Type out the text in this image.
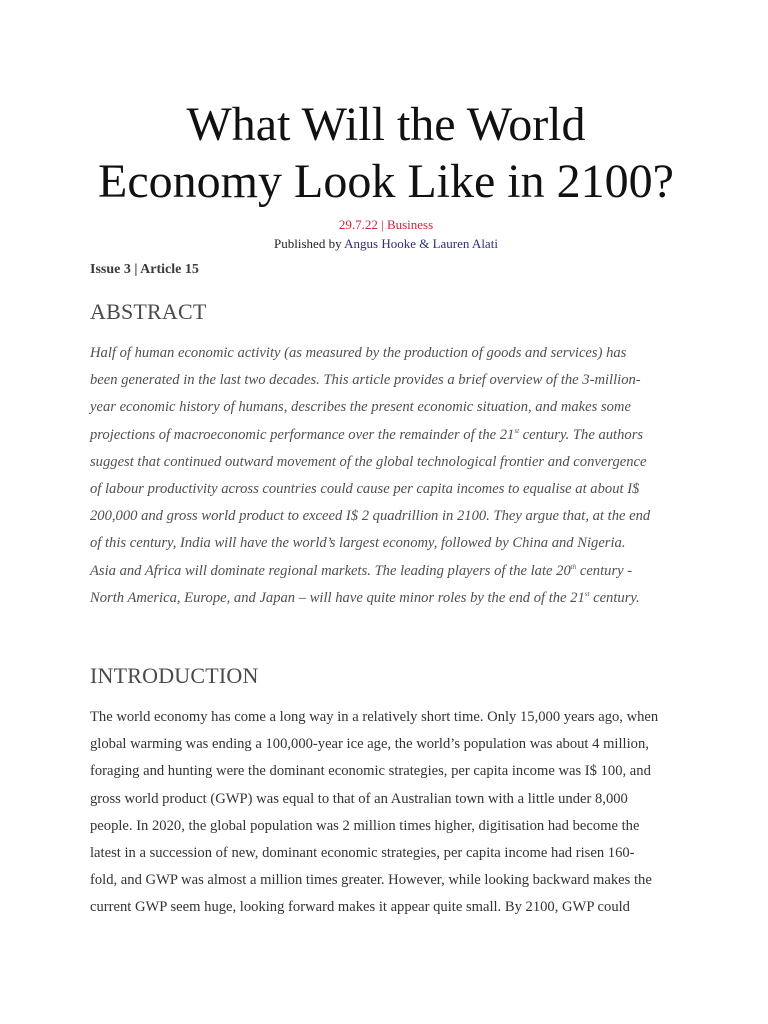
What Will the World
Economy Look Like in 2100?
29.7.22 | Business
Published by Angus Hooke & Lauren Alati
Issue 3 | Article 15
ABSTRACT

Half of human economic activity (as measured by the production of goods and services) has
been generated in the last two decades. This article provides a brief overview of the 3-million-
year economic history of humans, describes the present economic situation, and makes some
projections of macroeconomic performance over the remainder of the 21st century. The authors
suggest that continued outward movement of the global technological frontier and convergence
of labour productivity across countries could cause per capita incomes to equalise at about I$
200,000 and gross world product to exceed I$ 2 quadrillion in 2100. They argue that, at the end
of this century, India will have the world’s largest economy, followed by China and Nigeria.
Asia and Africa will dominate regional markets. The leading players of the late 20th century -
North America, Europe, and Japan – will have quite minor roles by the end of the 21st century.

INTRODUCTION

The world economy has come a long way in a relatively short time. Only 15,000 years ago, when
global warming was ending a 100,000-year ice age, the world’s population was about 4 million,
foraging and hunting were the dominant economic strategies, per capita income was I$ 100, and
gross world product (GWP) was equal to that of an Australian town with a little under 8,000
people. In 2020, the global population was 2 million times higher, digitisation had become the
latest in a succession of new, dominant economic strategies, per capita income had risen 160-
fold, and GWP was almost a million times greater. However, while looking backward makes the
current GWP seem huge, looking forward makes it appear quite small. By 2100, GWP could
